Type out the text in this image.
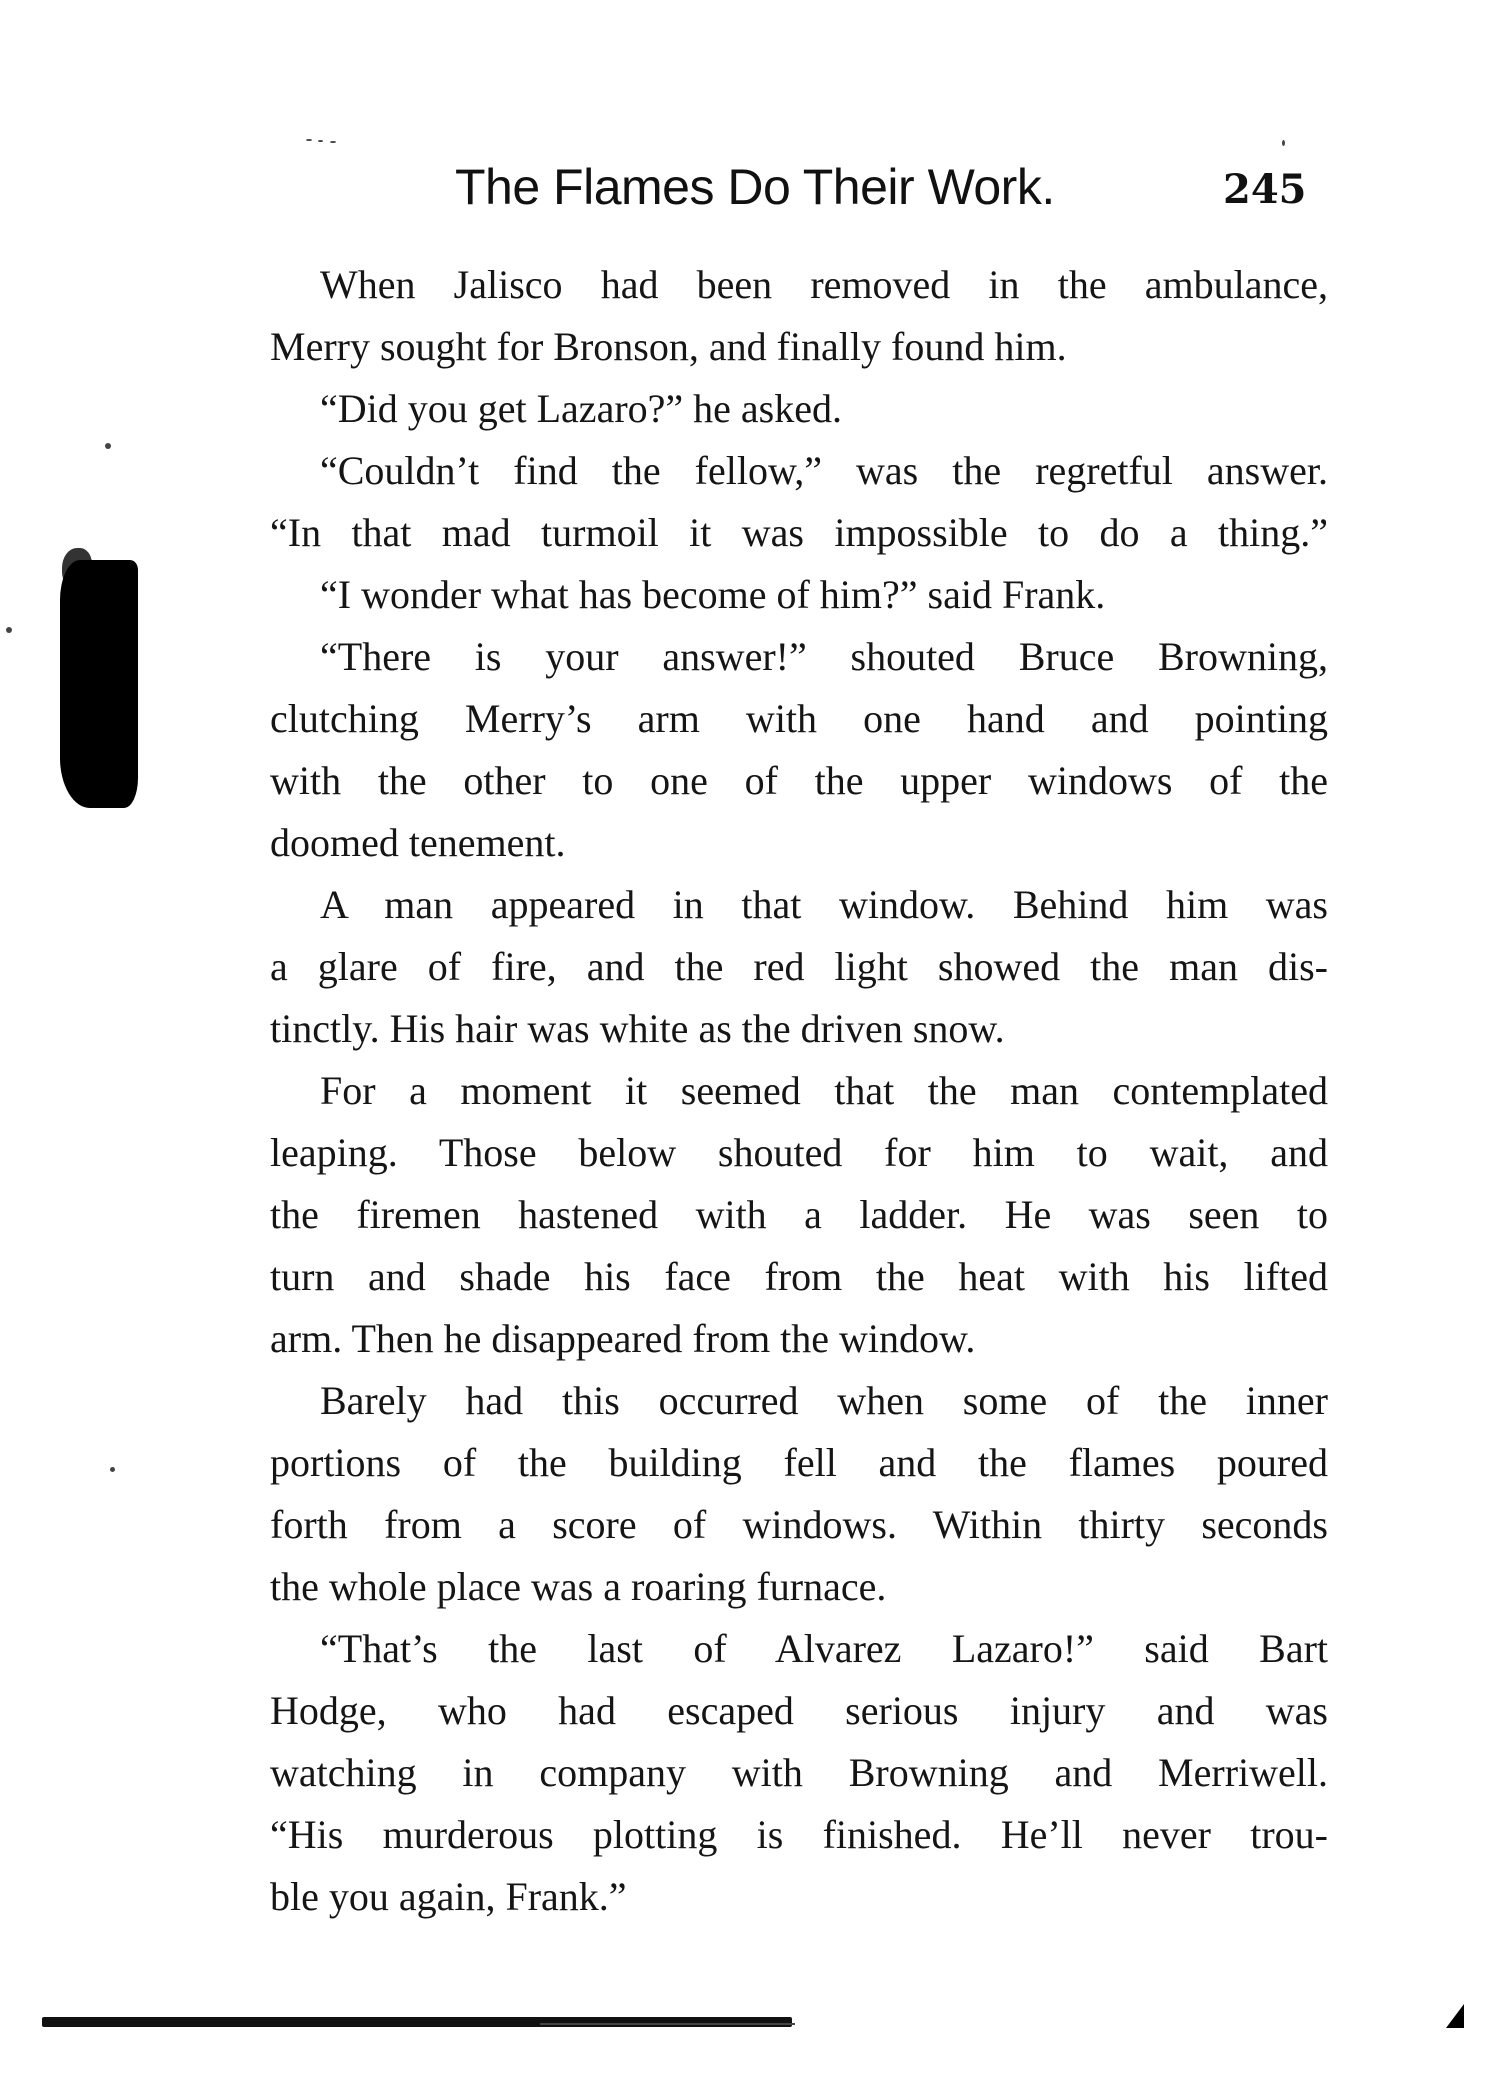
The Flames Do Their Work.	245

When Jalisco had been removed in the ambulance,
Merry sought for Bronson, and finally found him.

“Did you get Lazaro?” he asked.

“Couldn’t find the fellow,” was the regretful answer.
“In that mad turmoil it was impossible to do a thing.”

“I wonder what has become of him?” said Frank.

“There is your answer!” shouted Bruce Browning,
clutching Merry’s arm with one hand and pointing
with the other to one of the upper windows of the
doomed tenement.

A man appeared in that window. Behind him was
a glare of fire, and the red light showed the man dis-
tinctly. His hair was white as the driven snow.

For a moment it seemed that the man contemplated
leaping. Those below shouted for him to wait, and
the firemen hastened with a ladder. He was seen to
turn and shade his face from the heat with his lifted
arm. Then he disappeared from the window.

Barely had this occurred when some of the inner
portions of the building fell and the flames poured
forth from a score of windows. Within thirty seconds
the whole place was a roaring furnace.

“That’s the last of Alvarez Lazaro!” said Bart
Hodge, who had escaped serious injury and was
watching in company with Browning and Merriwell.
“His murderous plotting is finished. He’ll never trou-
ble you again, Frank.”
